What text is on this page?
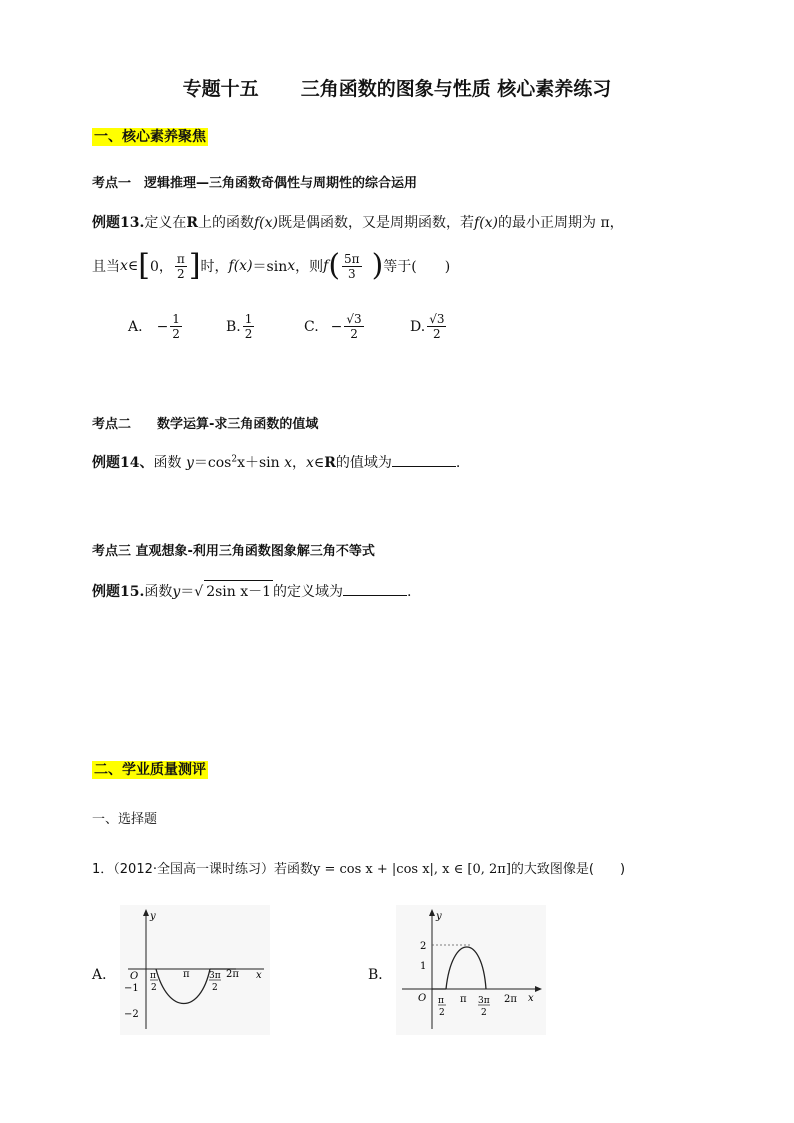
专题十五 三角函数的图象与性质 核心素养练习
一、核心素养聚焦
考点一　逻辑推理—三角函数奇偶性与周期性的综合运用
例题13.定义在R上的函数f(x)既是偶函数，又是周期函数，若f(x)的最小正周期为 π，
且当 x ∈ [ 0， $\frac{\pi}{2}$ ] 时， f(x) ＝sin x ，则 f ( $\frac{5\pi}{3}$ ) 等于(　　)
A. − $\frac{1}{2}$	B. $\frac{1}{2}$	C. − $\frac{√3}{2}$	D. $\frac{√3}{2}$
考点二　　数学运算-求三角函数的值域
例题14、函数 $y=\cos^2x+\sin$ x，x∈R的值域为	.
考点三 直观想象-利用三角函数图象解三角不等式
例题15.函数y＝√ 2sin x－1 的定义域为	.
二、学业质量测评
一、选择题
1．（2012·全国高一课时练习）若函数y = cos x + |cos x|, x ∈ [0, 2π]的大致图像是(　　)
A．
y
x
O
−1
−2
π
2
π 3π
2
2π	B．
y
x
O
2
1
π
2
π 3π
2
2π
